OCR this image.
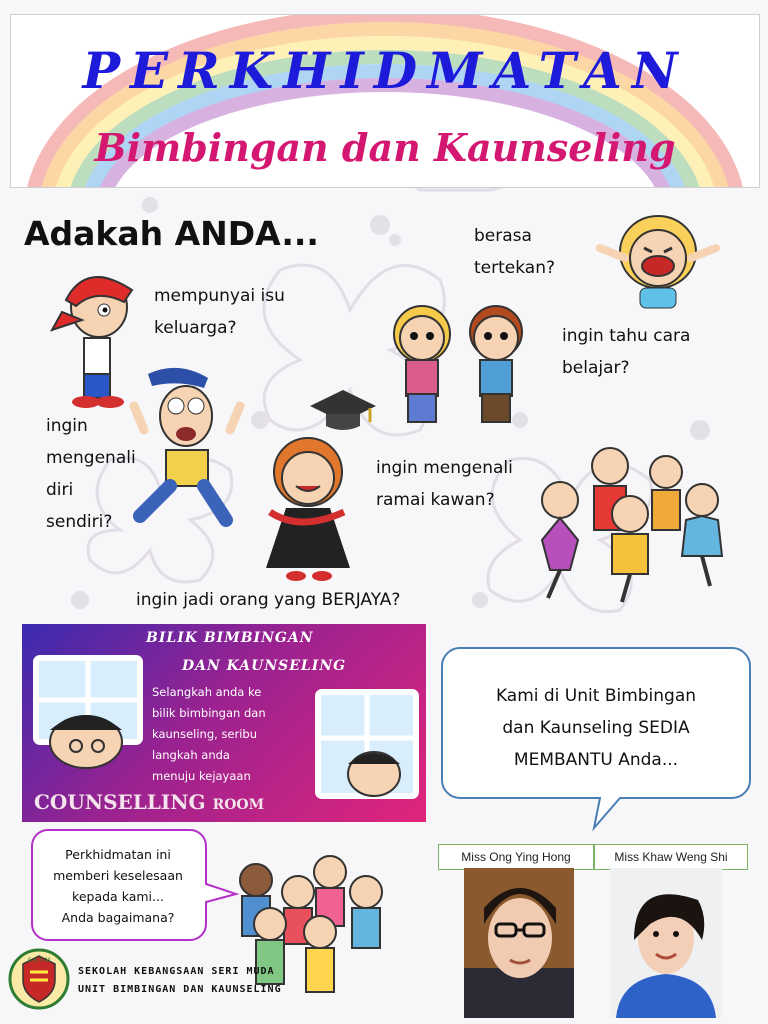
PERKHIDMATAN
Bimbingan dan Kaunseling
Adakah ANDA...
mempunyai isu
keluarga?
berasa
tertekan?
ingin tahu cara
belajar?
ingin
mengenali
diri
sendiri?
ingin mengenali
ramai kawan?
ingin jadi orang yang BERJAYA?
BILIK BIMBINGAN
DAN KAUNSELING
Selangkah anda ke
bilik bimbingan dan
kaunseling, seribu
langkah anda
menuju kejayaan
COUNSELLING ROOM
Kami di Unit Bimbingan
dan Kaunseling SEDIA
MEMBANTU Anda...
Perkhidmatan ini
memberi keselesaan
kepada kami...
Anda bagaimana?
S.K.S.M
SEKOLAH KEBANGSAAN SERI MUDA
UNIT BIMBINGAN DAN KAUNSELING
Miss Ong Ying Hong	Miss Khaw Weng Shi
